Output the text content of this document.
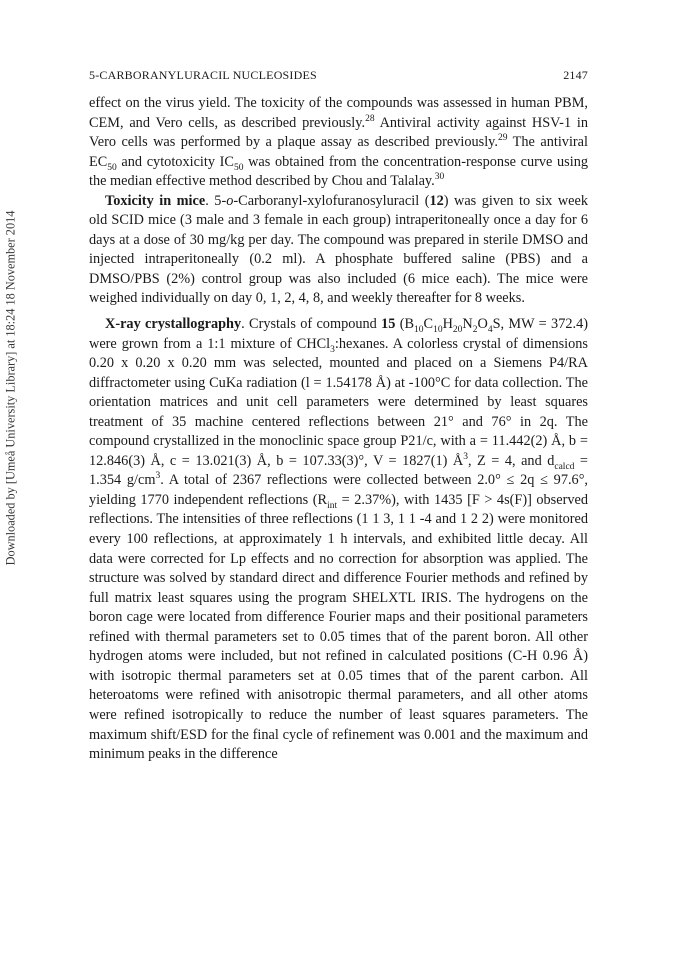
Downloaded by [Umeå University Library] at 18:24 18 November 2014
5-CARBORANYLURACIL NUCLEOSIDES	2147

effect on the virus yield. The toxicity of the compounds was assessed in human PBM, CEM, and Vero cells, as described previously.$^{28}$ Antiviral activity against HSV-1 in Vero cells was performed by a plaque assay as described previously.$^{29}$ The antiviral $EC_{50}$ and cytotoxicity $IC_{50}$ was obtained from the concentration-response curve using the median effective method described by Chou and Talalay.$^{30}$

Toxicity in mice. 5-o-Carboranyl-xylofuranosyluracil (12) was given to six week old SCID mice (3 male and 3 female in each group) intraperitoneally once a day for 6 days at a dose of 30 mg/kg per day. The compound was prepared in sterile DMSO and injected intraperitoneally (0.2 ml). A phosphate buffered saline (PBS) and a DMSO/PBS (2%) control group was also included (6 mice each). The mice were weighed individually on day 0, 1, 2, 4, 8, and weekly thereafter for 8 weeks.

X-ray crystallography. Crystals of compound 15 ($B_{10}C_{10}H_{20}N_2O_4S$, MW = 372.4) were grown from a 1:1 mixture of CHCl$_3$:hexanes. A colorless crystal of dimensions 0.20 x 0.20 x 0.20 mm was selected, mounted and placed on a Siemens P4/RA diffractometer using CuKa radiation (l = 1.54178 Å) at -100°C for data collection. The orientation matrices and unit cell parameters were determined by least squares treatment of 35 machine centered reflections between 21° and 76° in 2q. The compound crystallized in the monoclinic space group P21/c, with a = 11.442(2) Å, b = 12.846(3) Å, c = 13.021(3) Å, b = 107.33(3)°, V = 1827(1) $Å^3$, Z = 4, and $d_{calcd} = 1.354$ $g/cm^3$. A total of 2367 reflections were collected between 2.0° ≤ 2q ≤ 97.6°, yielding 1770 independent reflections $(R_{int} = 2.37\%)$, with 1435 [F > 4s(F)] observed reflections. The intensities of three reflections (1 1 3, 1 1 -4 and 1 2 2) were monitored every 100 reflections, at approximately 1 h intervals, and exhibited little decay. All data were corrected for Lp effects and no correction for absorption was applied. The structure was solved by standard direct and difference Fourier methods and refined by full matrix least squares using the program SHELXTL IRIS. The hydrogens on the boron cage were located from difference Fourier maps and their positional parameters refined with thermal parameters set to 0.05 times that of the parent boron. All other hydrogen atoms were included, but not refined in calculated positions (C-H 0.96 Å) with isotropic thermal parameters set at 0.05 times that of the parent carbon. All heteroatoms were refined with anisotropic thermal parameters, and all other atoms were refined isotropically to reduce the number of least squares parameters. The maximum shift/ESD for the final cycle of refinement was 0.001 and the maximum and minimum peaks in the difference
